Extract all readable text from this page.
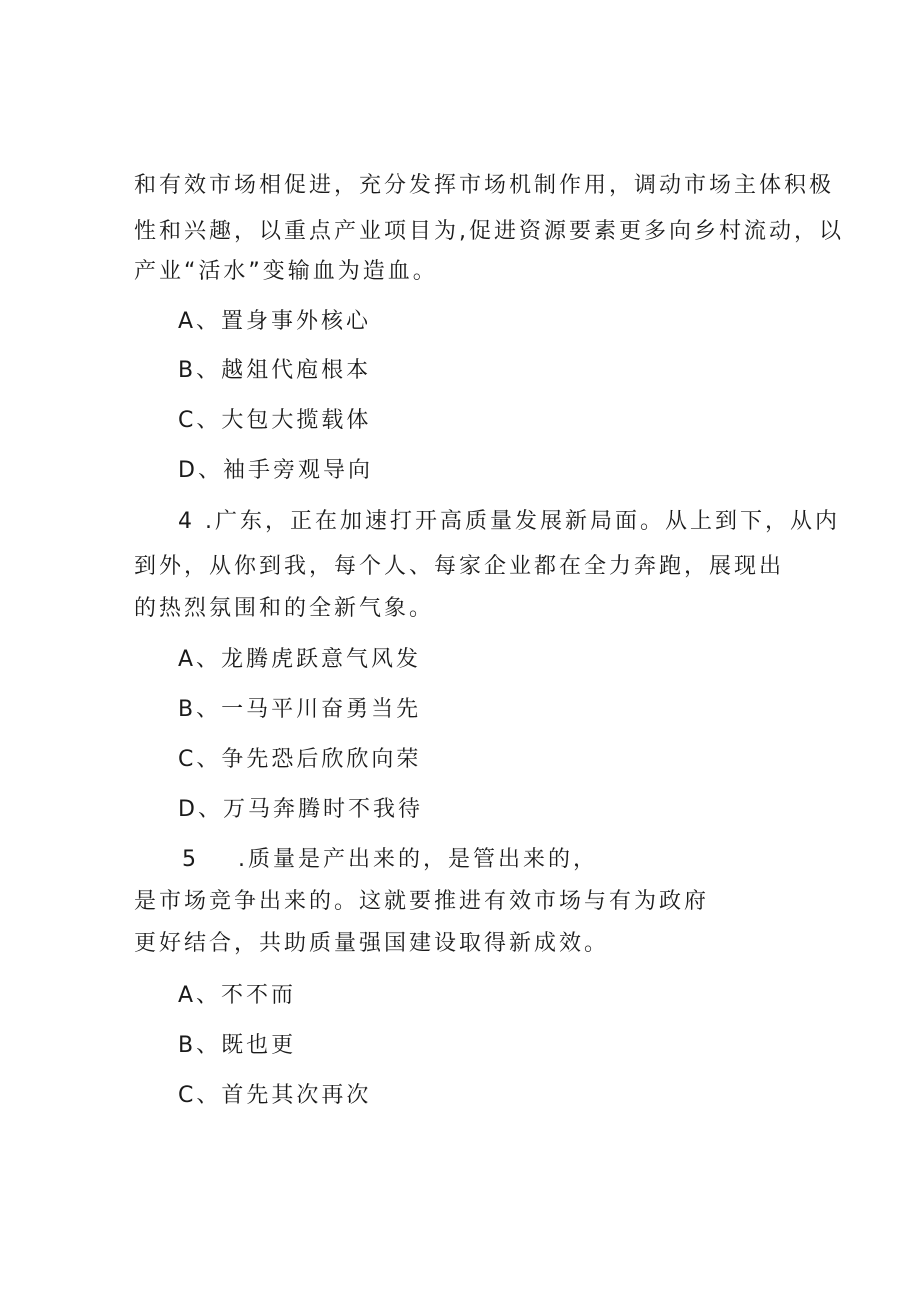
和有效市场相促进，充分发挥市场机制作用，调动市场主体积极
性和兴趣，以重点产业项目为,促进资源要素更多向乡村流动，以
产业“活水”变输血为造血。
A、置身事外核心
B、越俎代庖根本
C、大包大揽载体
D、袖手旁观导向
4 .广东，正在加速打开高质量发展新局面。从上到下，从内
到外，从你到我，每个人、每家企业都在全力奔跑，展现出
的热烈氛围和的全新气象。
A、龙腾虎跃意气风发
B、一马平川奋勇当先
C、争先恐后欣欣向荣
D、万马奔腾时不我待
5 .质量是产出来的，是管出来的，
是市场竞争出来的。这就要推进有效市场与有为政府
更好结合，共助质量强国建设取得新成效。
A、不不而
B、既也更
C、首先其次再次
